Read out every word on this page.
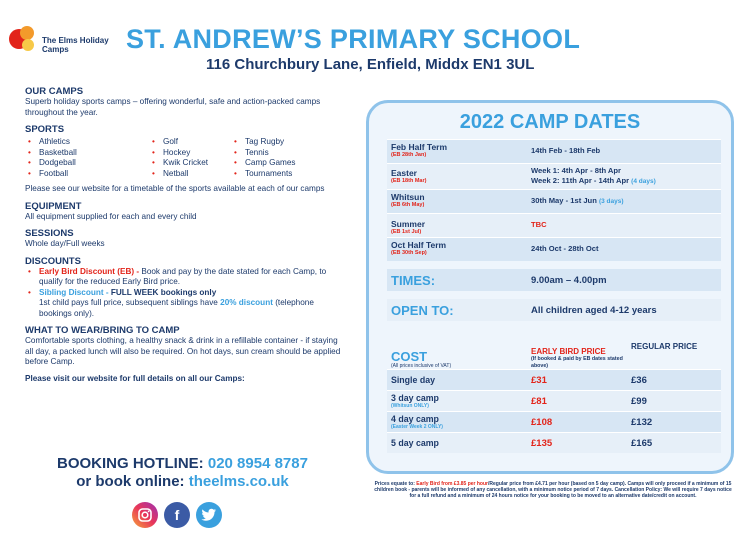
The Elms Holiday Camps	ST. ANDREW’S PRIMARY SCHOOL
116 Churchbury Lane, Enfield, Middx EN1 3UL
OUR CAMPS
Superb holiday sports camps – offering wonderful, safe and action-packed camps throughout the year.
SPORTS
• Athletics
• Basketball
• Dodgeball
• Football
• Golf
• Hockey
• Kwik Cricket
• Netball
• Tag Rugby
• Tennis
• Camp Games
• Tournaments
Please see our website for a timetable of the sports available at each of our camps
EQUIPMENT
All equipment supplied for each and every child
SESSIONS
Whole day/Full weeks
DISCOUNTS
• Early Bird Discount (EB) - Book and pay by the date stated for each Camp, to qualify for the reduced Early Bird price.
• Sibling Discount - FULL WEEK bookings only
1st child pays full price, subsequent siblings have 20% discount (telephone bookings only).
WHAT TO WEAR/BRING TO CAMP
Comfortable sports clothing, a healthy snack & drink in a refillable container - if staying all day, a packed lunch will also be required. On hot days, sun cream should be applied before Camp.
Please visit our website for full details on all our Camps:
BOOKING HOTLINE: 020 8954 8787
or book online: theelms.co.uk
f
2022 CAMP DATES
Feb Half Term
(EB 28th Jan)	14th Feb - 18th Feb
Easter
(EB 18th Mar)
Week 1: 4th Apr - 8th Apr
Week 2: 11th Apr - 14th Apr (4 days)
Whitsun
(EB 6th May)	30th May - 1st Jun (3 days)
Summer
(EB 1st Jul)
TBC
Oct Half Term
(EB 30th Sep)	24th Oct - 28th Oct
TIMES:	9.00am – 4.00pm
OPEN TO:	All children aged 4-12 years
COST
(All prices inclusive of VAT)
EARLY BIRD PRICE
(If booked & paid by EB dates stated above)
REGULAR PRICE
Single day	£31	£36
3 day camp
(Whitsun ONLY)	£81	£99
4 day camp
(Easter Week 2 ONLY)	£108	£132
5 day camp	£135	£165
Prices equate to: Early Bird from £3.85 per hour/Regular price from £4.71 per hour (based on 5 day camp). Camps will only proceed if a minimum of 15 children book - parents will be informed of any cancellation, with a minimum notice period of 7 days. Cancellation Policy: We will require 7 days notice for a full refund and a minimum of 24 hours notice for your booking to be moved to an alternative date/credit on account.
